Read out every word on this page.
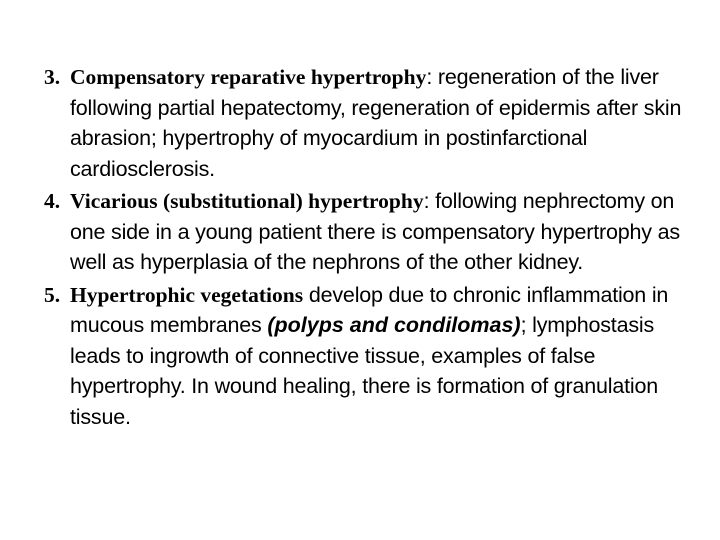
3. Compensatory reparative hypertrophy: regeneration of the liver following partial hepatectomy, regeneration of epidermis after skin abrasion; hypertrophy of myocardium in postinfarctional cardiosclerosis.
4. Vicarious (substitutional) hypertrophy: following nephrectomy on one side in a young patient there is compensatory hypertrophy as well as hyperplasia of the nephrons of the other kidney.
5. Hypertrophic vegetations develop due to chronic inflammation in mucous membranes (polyps and condilomas); lymphostasis leads to ingrowth of connective tissue, examples of false hypertrophy. In wound healing, there is formation of granulation tissue.
